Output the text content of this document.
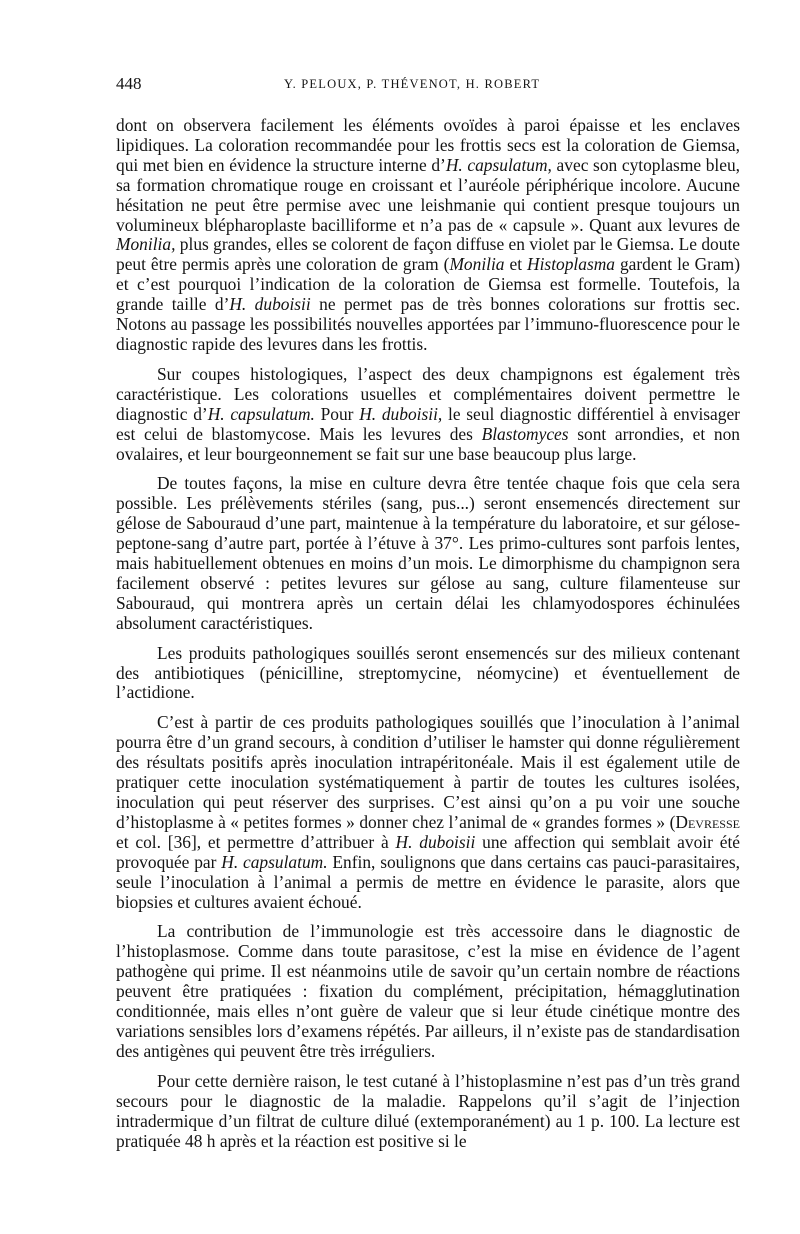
448	Y. PELOUX, P. THÉVENOT, H. ROBERT

dont on observera facilement les éléments ovoïdes à paroi épaisse et les enclaves lipidiques. La coloration recommandée pour les frottis secs est la coloration de Giemsa, qui met bien en évidence la structure interne d’H. capsulatum, avec son cytoplasme bleu, sa formation chromatique rouge en croissant et l’auréole périphérique incolore. Aucune hésitation ne peut être permise avec une leishmanie qui contient presque toujours un volumineux blépharoplaste bacilliforme et n’a pas de « capsule ». Quant aux levures de Monilia, plus grandes, elles se colorent de façon diffuse en violet par le Giemsa. Le doute peut être permis après une coloration de gram (Monilia et Histoplasma gardent le Gram) et c’est pourquoi l’indication de la coloration de Giemsa est formelle. Toutefois, la grande taille d’H. duboisii ne permet pas de très bonnes colorations sur frottis sec. Notons au passage les possibilités nouvelles apportées par l’immuno-fluorescence pour le diagnostic rapide des levures dans les frottis.

Sur coupes histologiques, l’aspect des deux champignons est également très caractéristique. Les colorations usuelles et complémentaires doivent permettre le diagnostic d’H. capsulatum. Pour H. duboisii, le seul diagnostic différentiel à envisager est celui de blastomycose. Mais les levures des Blastomyces sont arrondies, et non ovalaires, et leur bourgeonnement se fait sur une base beaucoup plus large.

De toutes façons, la mise en culture devra être tentée chaque fois que cela sera possible. Les prélèvements stériles (sang, pus...) seront ensemencés directement sur gélose de Sabouraud d’une part, maintenue à la température du laboratoire, et sur gélose-peptone-sang d’autre part, portée à l’étuve à 37°. Les primo-cultures sont parfois lentes, mais habituellement obtenues en moins d’un mois. Le dimorphisme du champignon sera facilement observé : petites levures sur gélose au sang, culture filamenteuse sur Sabouraud, qui montrera après un certain délai les chlamyodospores échinulées absolument caractéristiques.

Les produits pathologiques souillés seront ensemencés sur des milieux contenant des antibiotiques (pénicilline, streptomycine, néomycine) et éventuellement de l’actidione.

C’est à partir de ces produits pathologiques souillés que l’inoculation à l’animal pourra être d’un grand secours, à condition d’utiliser le hamster qui donne régulièrement des résultats positifs après inoculation intrapéritonéale. Mais il est également utile de pratiquer cette inoculation systématiquement à partir de toutes les cultures isolées, inoculation qui peut réserver des surprises. C’est ainsi qu’on a pu voir une souche d’histoplasme à « petites formes » donner chez l’animal de « grandes formes » (Devresse et col. [36], et permettre d’attribuer à H. duboisii une affection qui semblait avoir été provoquée par H. capsulatum. Enfin, soulignons que dans certains cas pauci-parasitaires, seule l’inoculation à l’animal a permis de mettre en évidence le parasite, alors que biopsies et cultures avaient échoué.

La contribution de l’immunologie est très accessoire dans le diagnostic de l’histoplasmose. Comme dans toute parasitose, c’est la mise en évidence de l’agent pathogène qui prime. Il est néanmoins utile de savoir qu’un certain nombre de réactions peuvent être pratiquées : fixation du complément, précipitation, hémagglutination conditionnée, mais elles n’ont guère de valeur que si leur étude cinétique montre des variations sensibles lors d’examens répétés. Par ailleurs, il n’existe pas de standardisation des antigènes qui peuvent être très irréguliers.

Pour cette dernière raison, le test cutané à l’histoplasmine n’est pas d’un très grand secours pour le diagnostic de la maladie. Rappelons qu’il s’agit de l’injection intradermique d’un filtrat de culture dilué (extemporanément) au 1 p. 100. La lecture est pratiquée 48 h après et la réaction est positive si le
